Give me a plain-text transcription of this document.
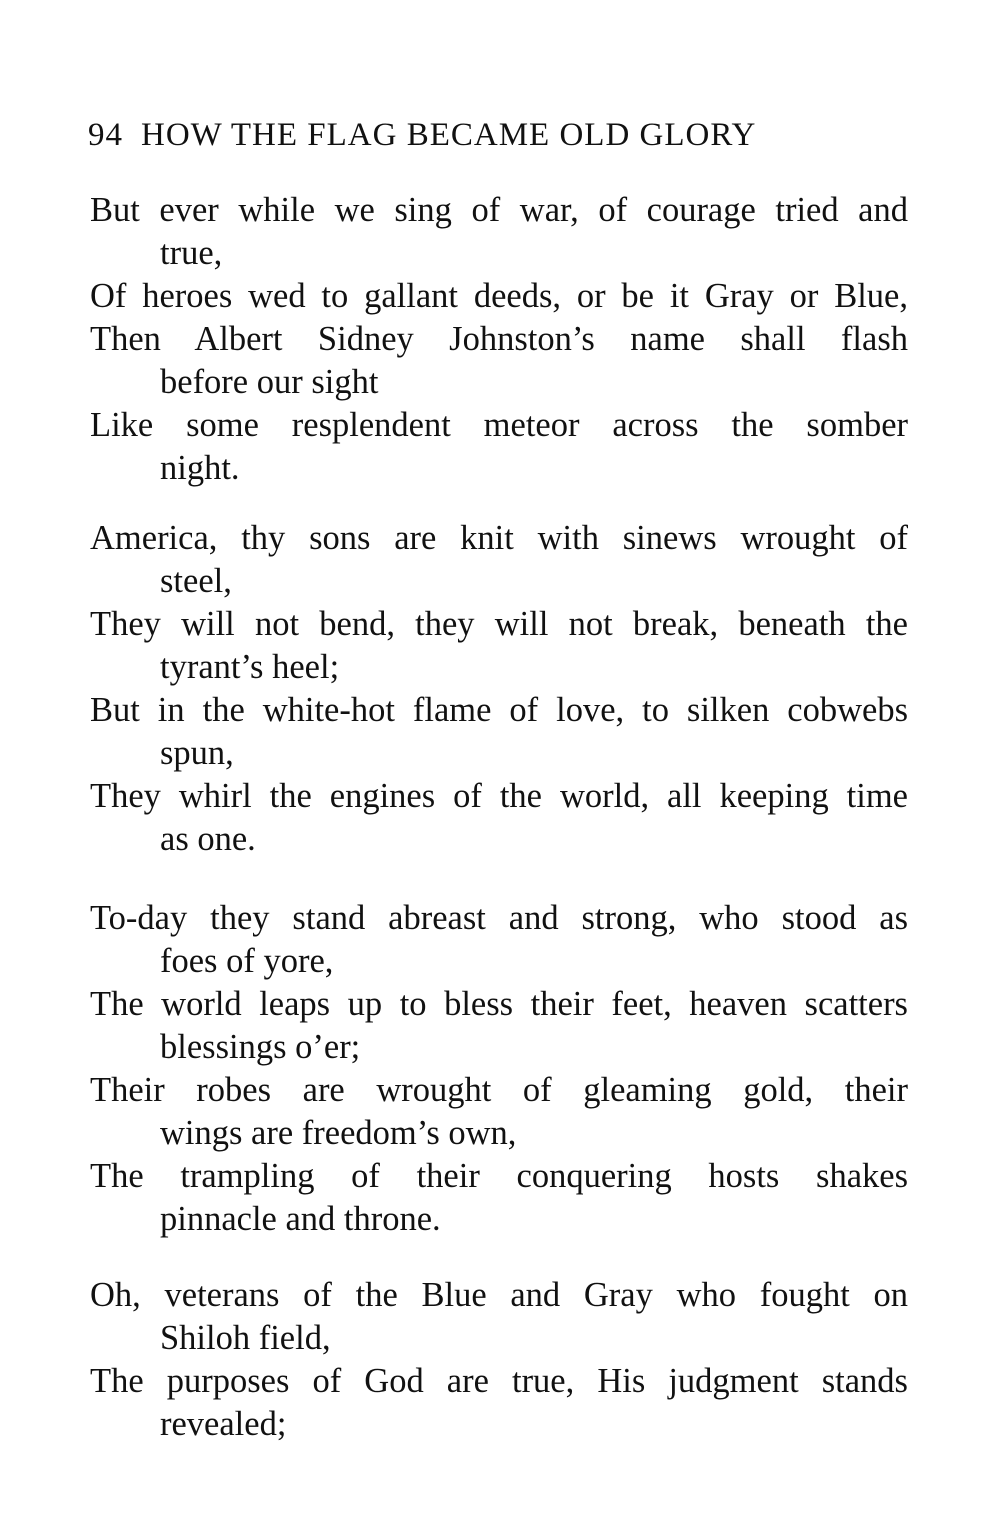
94 HOW THE FLAG BECAME OLD GLORY
But ever while we sing of war, of courage tried and
true,
Of heroes wed to gallant deeds, or be it Gray or Blue,
Then Albert Sidney Johnston’s name shall flash
before our sight
Like some resplendent meteor across the somber
night.
America, thy sons are knit with sinews wrought of
steel,
They will not bend, they will not break, beneath the
tyrant’s heel;
But in the white-hot flame of love, to silken cobwebs
spun,
They whirl the engines of the world, all keeping time
as one.
To-day they stand abreast and strong, who stood as
foes of yore,
The world leaps up to bless their feet, heaven scatters
blessings o’er;
Their robes are wrought of gleaming gold, their
wings are freedom’s own,
The trampling of their conquering hosts shakes
pinnacle and throne.
Oh, veterans of the Blue and Gray who fought on
Shiloh field,
The purposes of God are true, His judgment stands
revealed;
